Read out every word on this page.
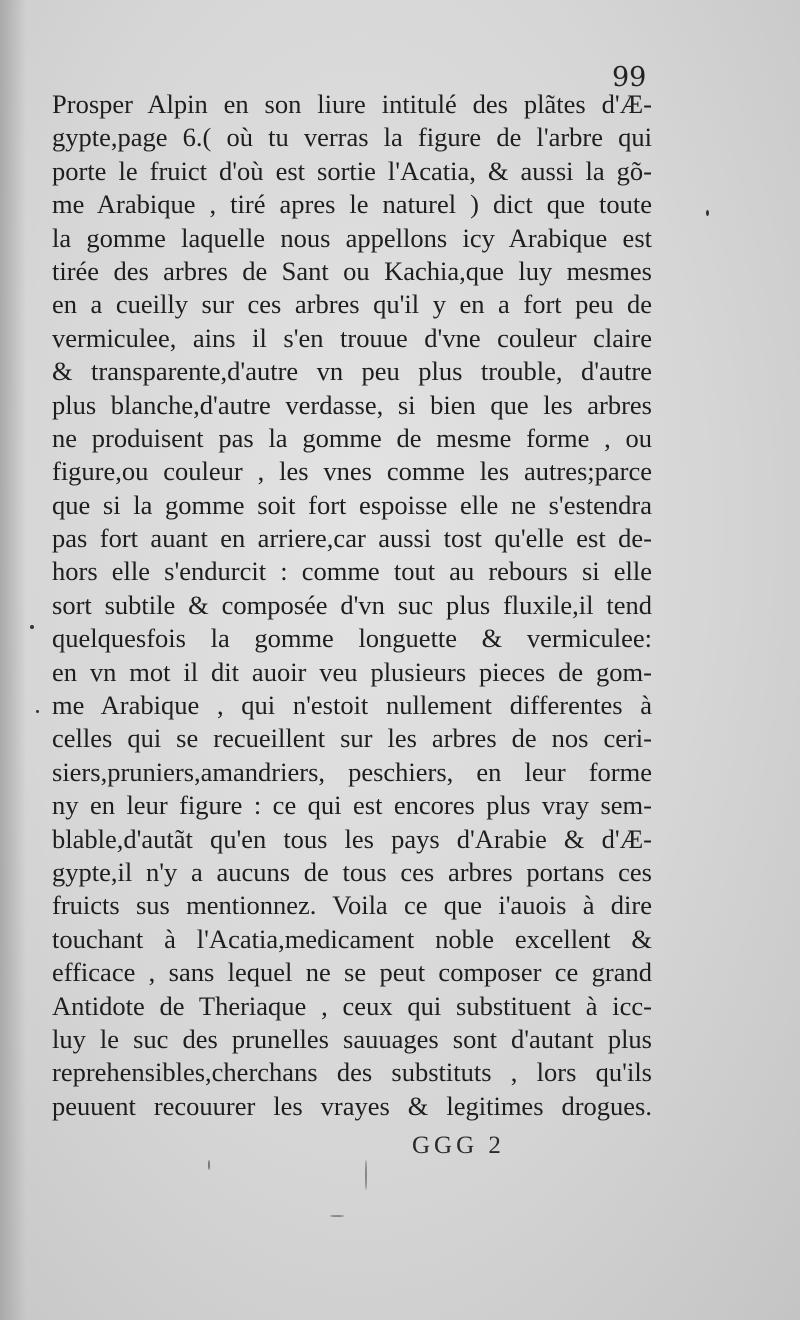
99
Prosper Alpin en son liure intitulé des plãtes d'Æ-
gypte,page 6.( où tu verras la figure de l'arbre qui
porte le fruict d'où est sortie l'Acatia, & aussi la gõ-
me Arabique , tiré apres le naturel ) dict que toute
la gomme laquelle nous appellons icy Arabique est
tirée des arbres de Sant ou Kachia,que luy mesmes
en a cueilly sur ces arbres qu'il y en a fort peu de
vermiculee, ains il s'en trouue d'vne couleur claire
& transparente,d'autre vn peu plus trouble, d'autre
plus blanche,d'autre verdasse, si bien que les arbres
ne produisent pas la gomme de mesme forme , ou
figure,ou couleur , les vnes comme les autres;parce
que si la gomme soit fort espoisse elle ne s'estendra
pas fort auant en arriere,car aussi tost qu'elle est de-
hors elle s'endurcit : comme tout au rebours si elle
sort subtile & composée d'vn suc plus fluxile,il tend
quelquesfois la gomme longuette & vermiculee:
en vn mot il dit auoir veu plusieurs pieces de gom-
me Arabique , qui n'estoit nullement differentes à
celles qui se recueillent sur les arbres de nos ceri-
siers,pruniers,amandriers, peschiers, en leur forme
ny en leur figure : ce qui est encores plus vray sem-
blable,d'autãt qu'en tous les pays d'Arabie & d'Æ-
gypte,il n'y a aucuns de tous ces arbres portans ces
fruicts sus mentionnez. Voila ce que i'auois à dire
touchant à l'Acatia,medicament noble excellent &
efficace , sans lequel ne se peut composer ce grand
Antidote de Theriaque , ceux qui substituent à icc-
luy le suc des prunelles sauuages sont d'autant plus
reprehensibles,cherchans des substituts , lors qu'ils
peuuent recouurer les vrayes & legitimes drogues.
GGG 2
